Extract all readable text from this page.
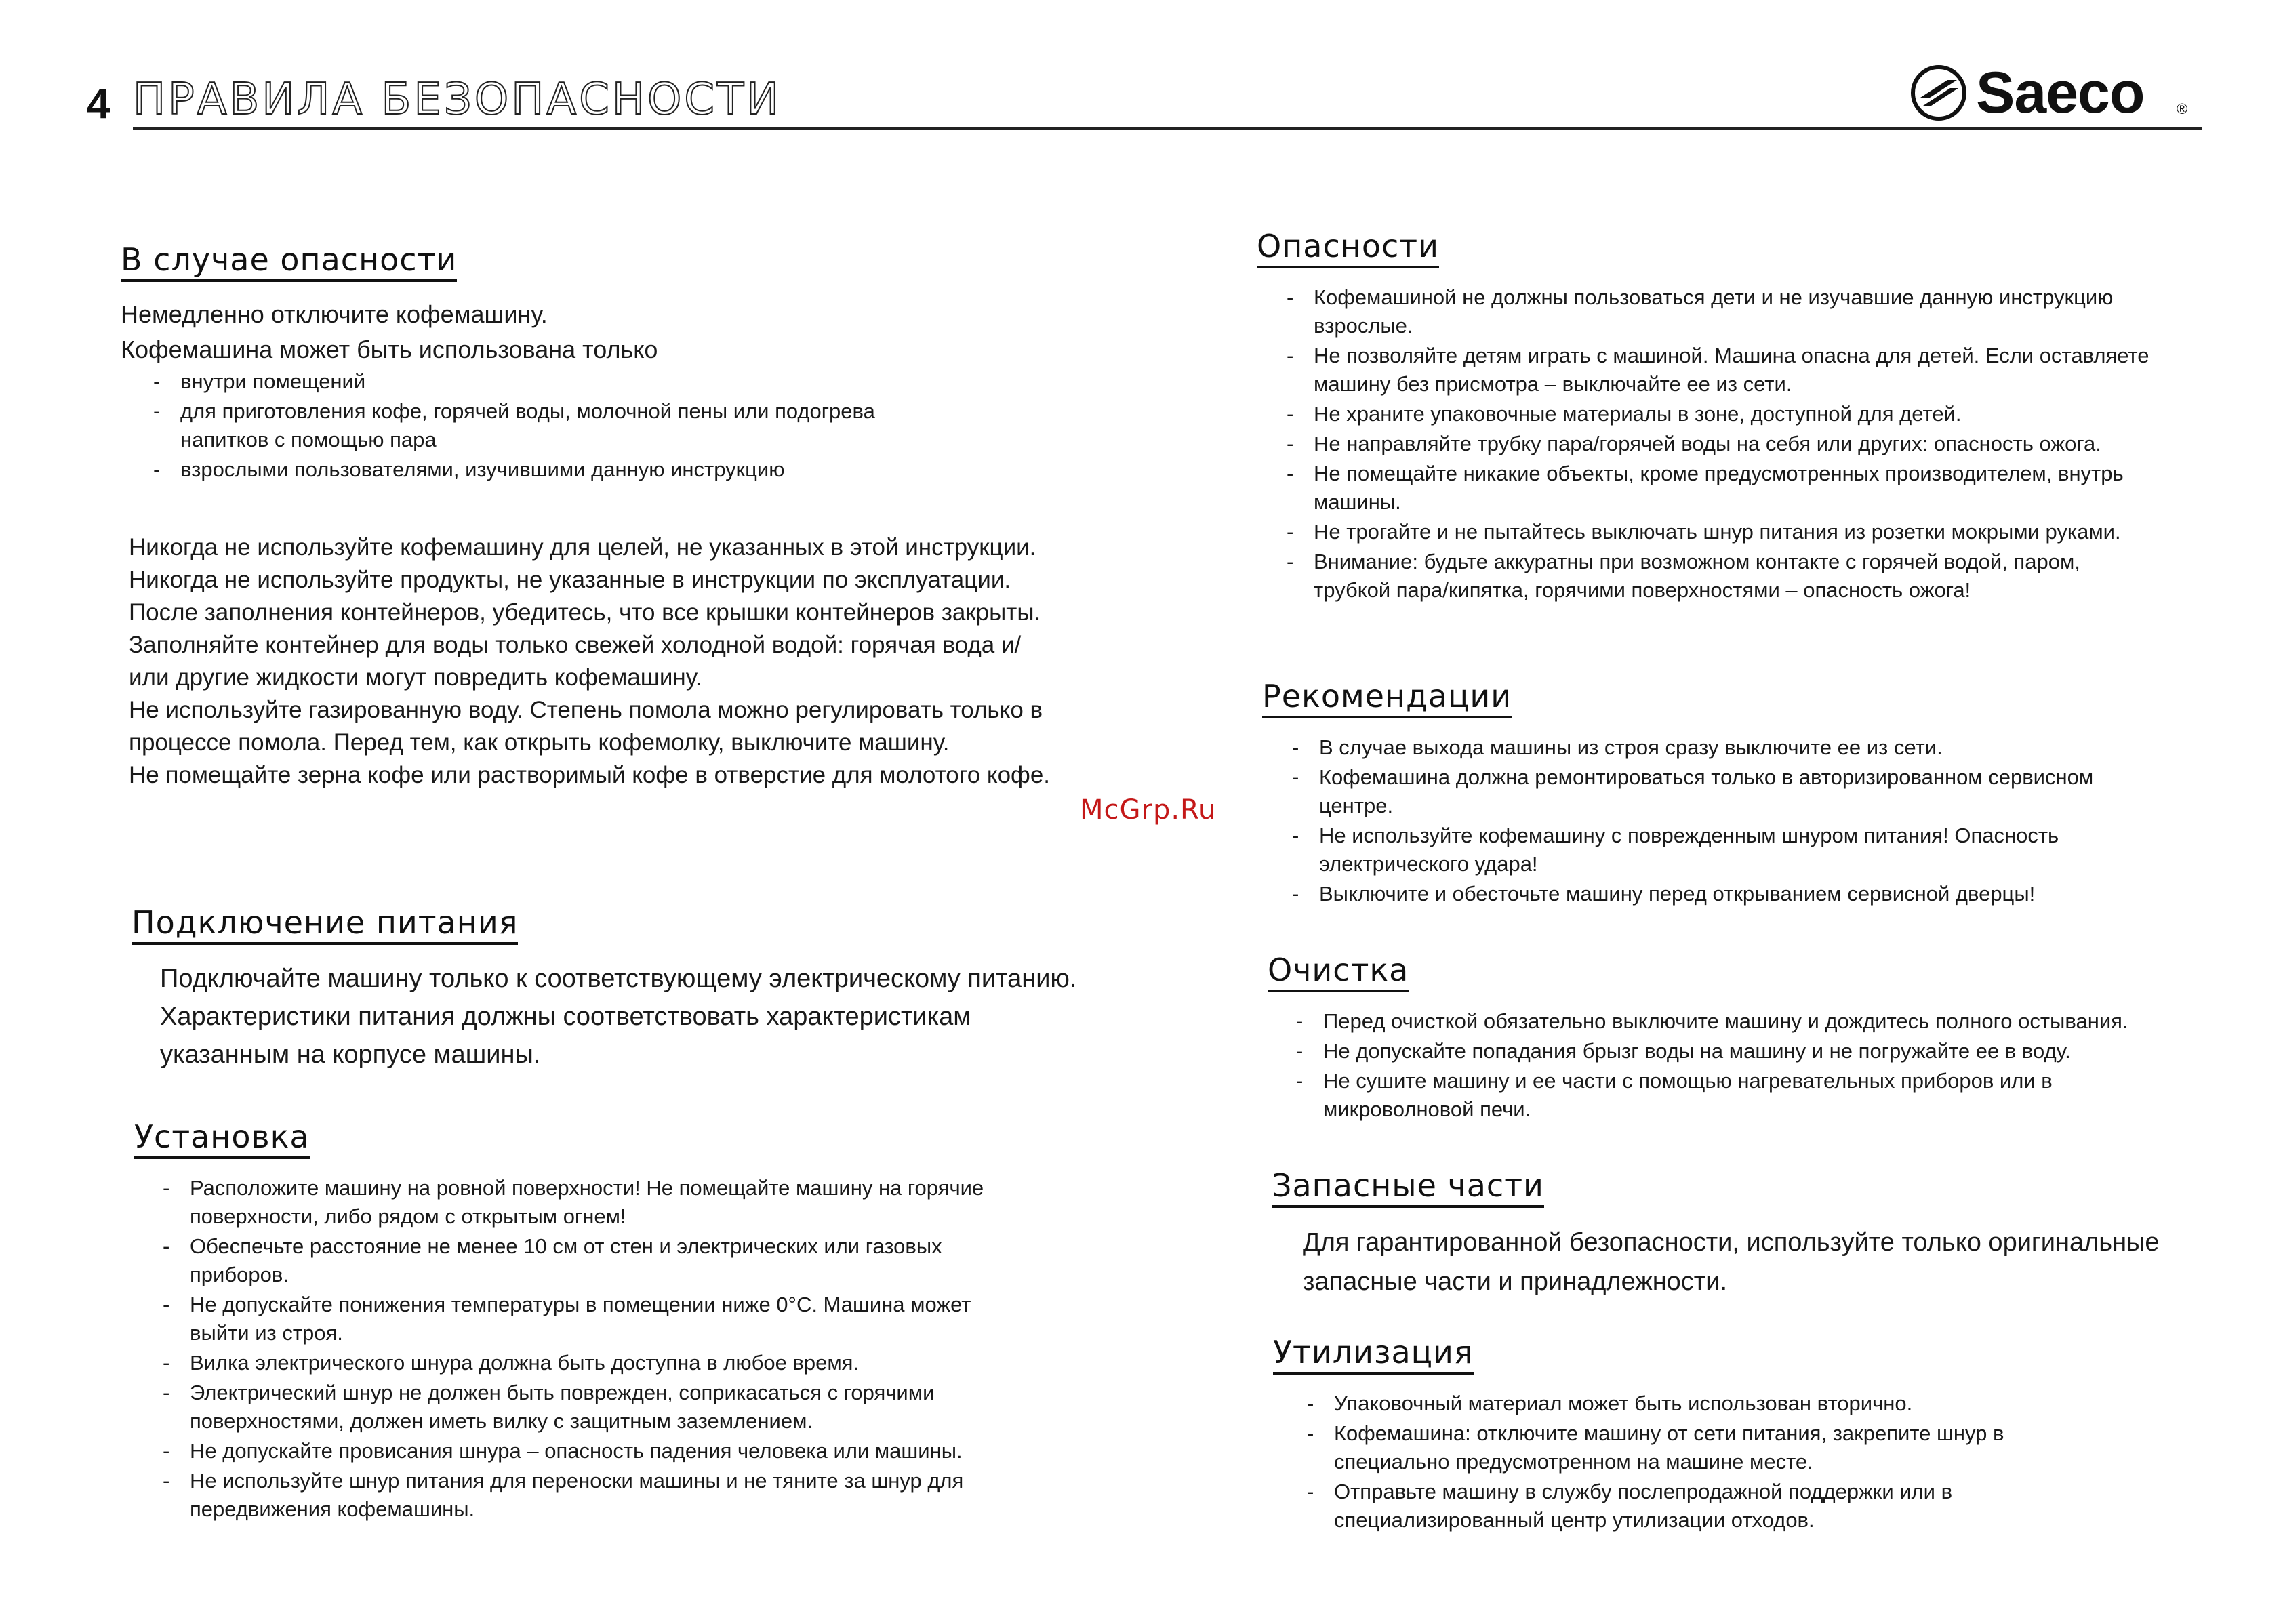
4 ПРАВИЛА БЕЗОПАСНОСТИ	Saeco ®
В случае опасности

Немедленно отключите кофемашину.

Кофемашина может быть использована только

- внутри помещений
- для приготовления кофе, горячей воды, молочной пены или подогрева напитков с помощью пара
- взрослыми пользователями, изучившими данную инструкцию

Никогда не используйте кофемашину для целей, не указанных в этой инструкции.

Никогда не используйте продукты, не указанные в инструкции по эксплуатации.

После заполнения контейнеров, убедитесь, что все крышки контейнеров закрыты.

Заполняйте контейнер для воды только свежей холодной водой: горячая вода и/

или другие жидкости могут повредить кофемашину.

Не используйте газированную воду. Степень помола можно регулировать только в

процессе помола. Перед тем, как открыть кофемолку, выключите машину.

Не помещайте зерна кофе или растворимый кофе в отверстие для молотого кофе.

Подключение питания

Подключайте машину только к соответствующему электрическому питанию.

Характеристики питания должны соответствовать характеристикам

указанным на корпусе машины.

Установка
- Расположите машину на ровной поверхности! Не помещайте машину на горячие поверхности, либо рядом с открытым огнем!
- Обеспечьте расстояние не менее 10 см от стен и электрических или газовых приборов.
- Не допускайте понижения температуры в помещении ниже 0°C. Машина может выйти из строя.
- Вилка электрического шнура должна быть доступна в любое время.
- Электрический шнур не должен быть поврежден, соприкасаться с горячими поверхностями, должен иметь вилку с защитным заземлением.
- Не допускайте провисания шнура – опасность падения человека или машины.
- Не используйте шнур питания для переноски машины и не тяните за шнур для передвижения кофемашины.
McGrp.Ru
Опасности
- Кофемашиной не должны пользоваться дети и не изучавшие данную инструкцию взрослые.
- Не позволяйте детям играть с машиной. Машина опасна для детей. Если оставляете машину без присмотра – выключайте ее из сети.
- Не храните упаковочные материалы в зоне, доступной для детей.
- Не направляйте трубку пара/горячей воды на себя или других: опасность ожога.
- Не помещайте никакие объекты, кроме предусмотренных производителем, внутрь машины.
- Не трогайте и не пытайтесь выключать шнур питания из розетки мокрыми руками.
- Внимание: будьте аккуратны при возможном контакте с горячей водой, паром, трубкой пара/кипятка, горячими поверхностями – опасность ожога!
Рекомендации
- В случае выхода машины из строя сразу выключите ее из сети.
- Кофемашина должна ремонтироваться только в авторизированном сервисном центре.
- Не используйте кофемашину с поврежденным шнуром питания! Опасность электрического удара!
- Выключите и обесточьте машину перед открыванием сервисной дверцы!
Очистка
- Перед очисткой обязательно выключите машину и дождитесь полного остывания.
- Не допускайте попадания брызг воды на машину и не погружайте ее в воду.
- Не сушите машину и ее части с помощью нагревательных приборов или в микроволновой печи.
Запасные части

Для гарантированной безопасности, используйте только оригинальные

запасные части и принадлежности.

Утилизация
- Упаковочный материал может быть использован вторично.
- Кофемашина: отключите машину от сети питания, закрепите шнур в специально предусмотренном на машине месте.
- Отправьте машину в службу послепродажной поддержки или в специализированный центр утилизации отходов.
